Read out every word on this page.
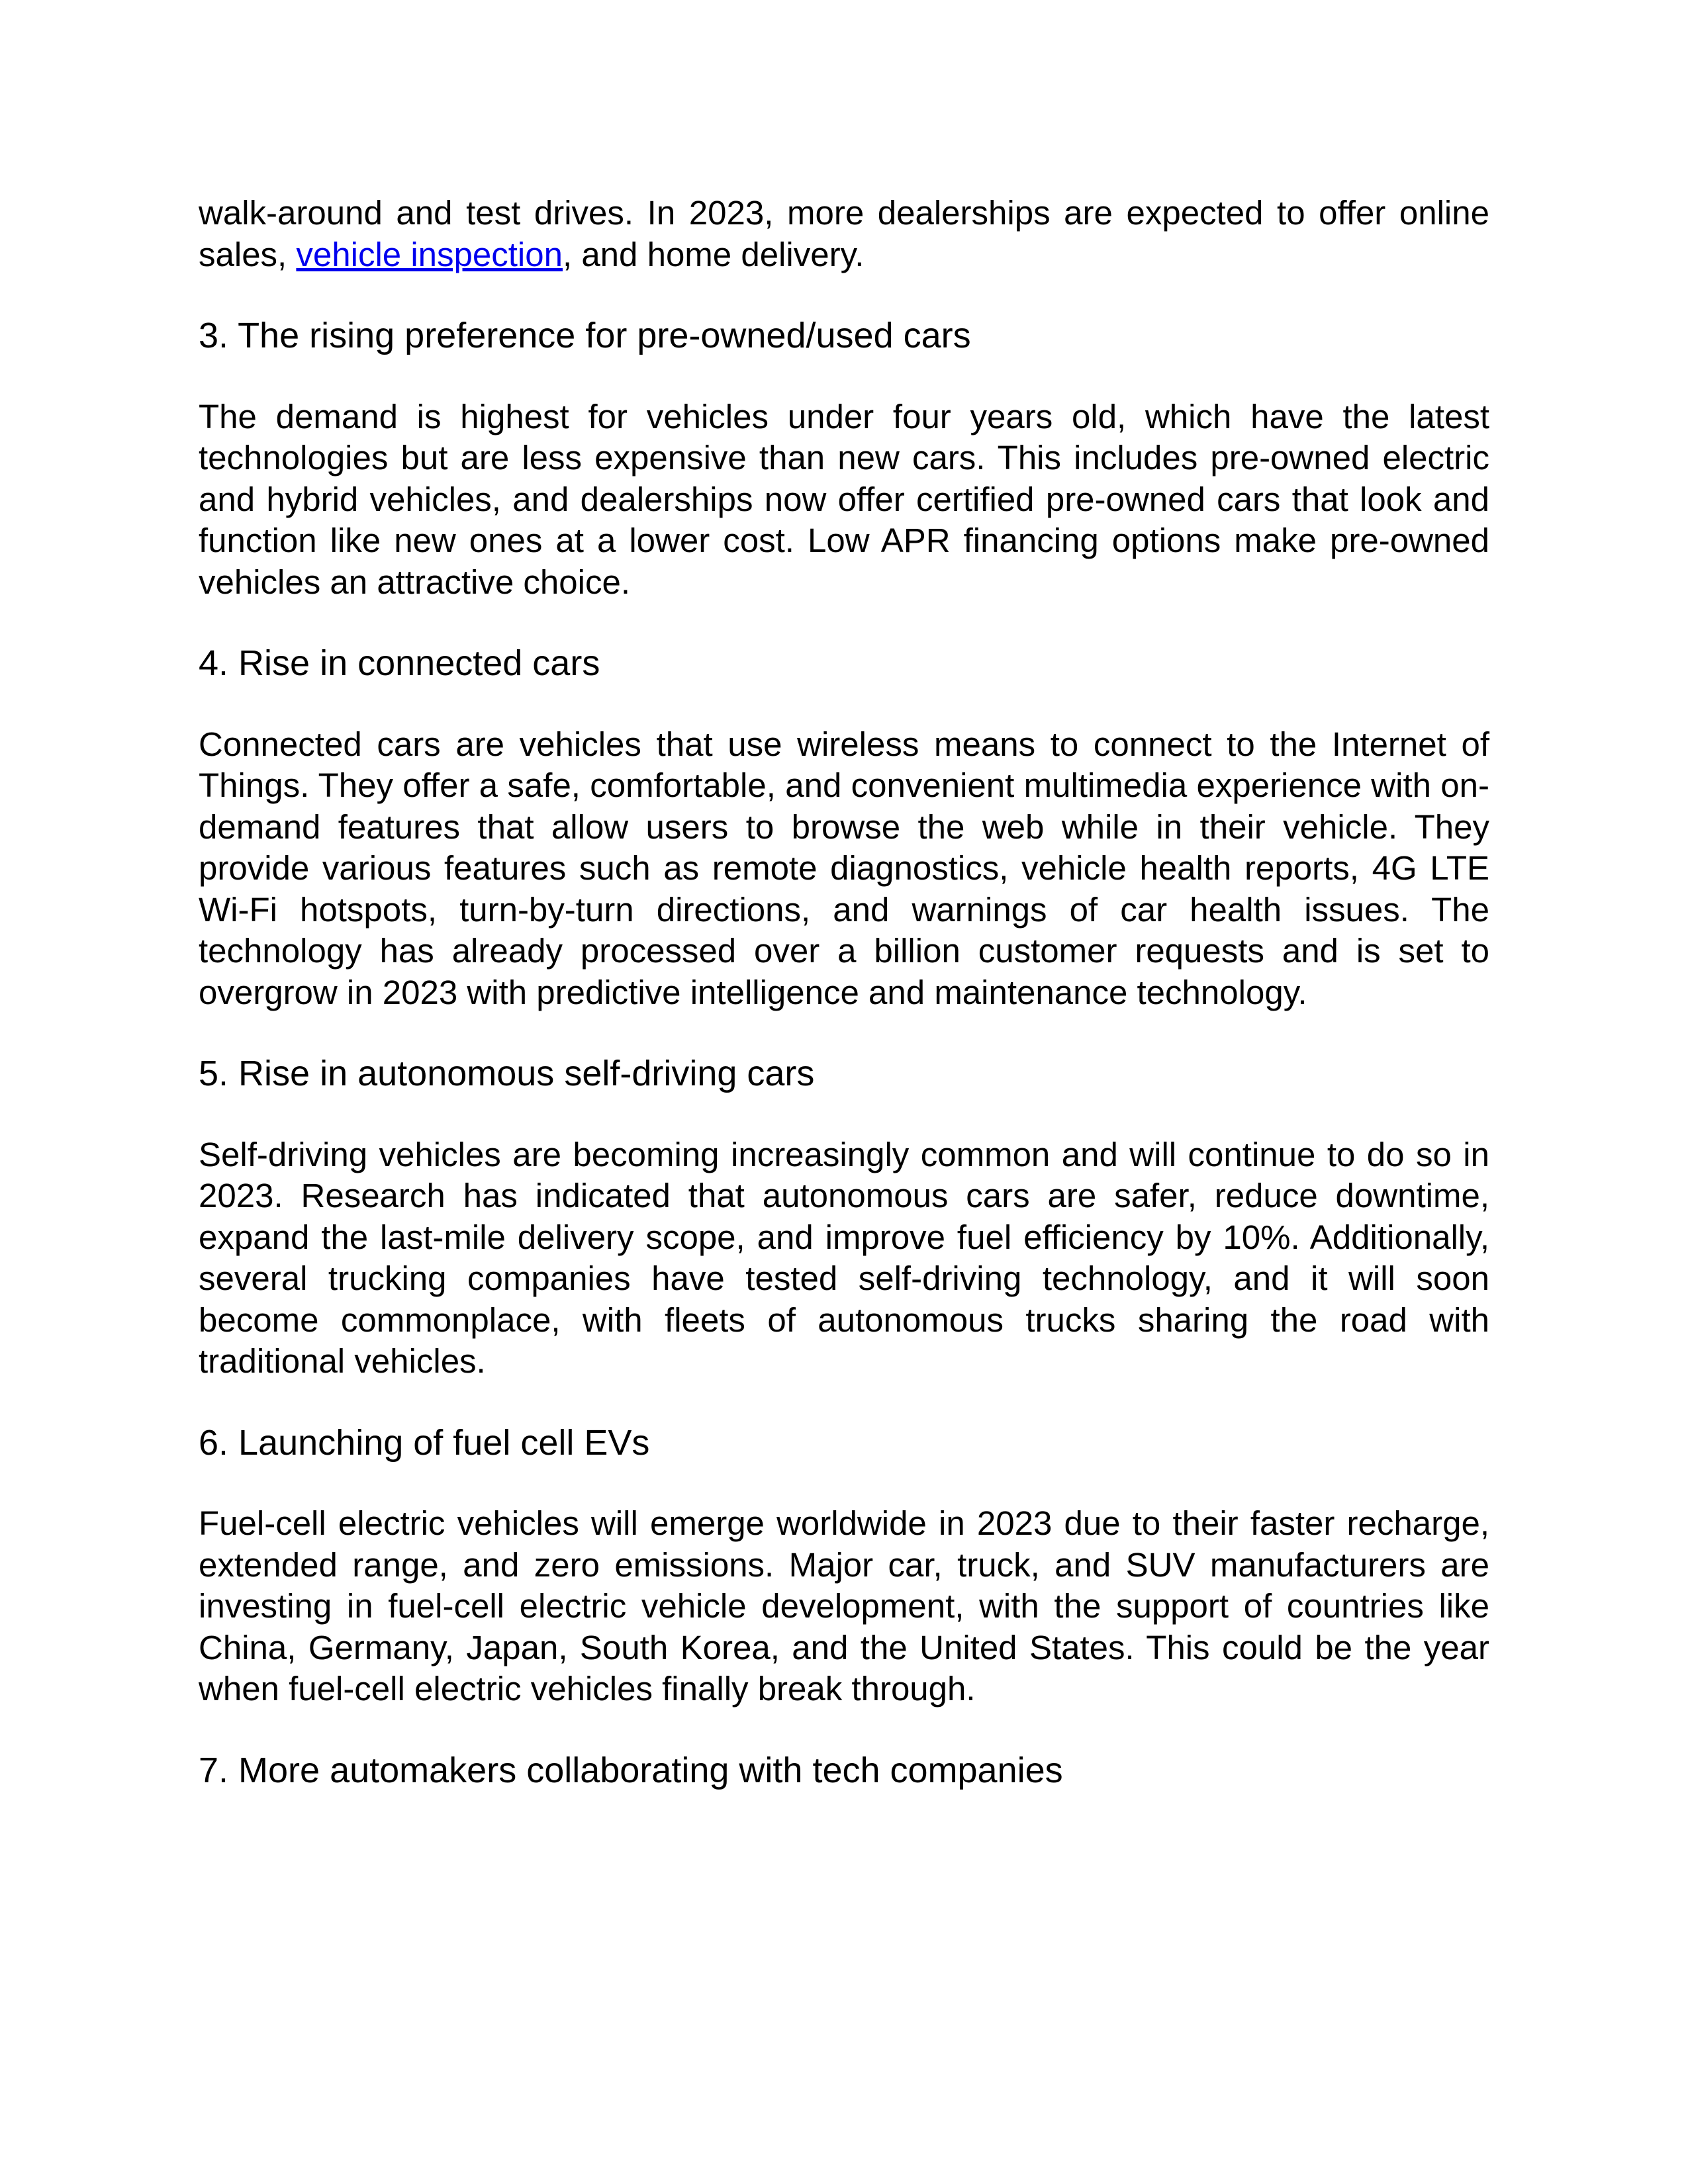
walk-around and test drives. In 2023, more dealerships are expected to offer online sales, vehicle inspection, and home delivery.

3. The rising preference for pre-owned/used cars

The demand is highest for vehicles under four years old, which have the latest technologies but are less expensive than new cars. This includes pre-owned electric and hybrid vehicles, and dealerships now offer certified pre-owned cars that look and function like new ones at a lower cost. Low APR financing options make pre-owned vehicles an attractive choice.

4. Rise in connected cars

Connected cars are vehicles that use wireless means to connect to the Internet of Things. They offer a safe, comfortable, and convenient multimedia experience with on-demand features that allow users to browse the web while in their vehicle. They provide various features such as remote diagnostics, vehicle health reports, 4G LTE Wi-Fi hotspots, turn-by-turn directions, and warnings of car health issues. The technology has already processed over a billion customer requests and is set to overgrow in 2023 with predictive intelligence and maintenance technology.

5. Rise in autonomous self-driving cars

Self-driving vehicles are becoming increasingly common and will continue to do so in 2023. Research has indicated that autonomous cars are safer, reduce downtime, expand the last-mile delivery scope, and improve fuel efficiency by 10%. Additionally, several trucking companies have tested self-driving technology, and it will soon become commonplace, with fleets of autonomous trucks sharing the road with traditional vehicles.

6. Launching of fuel cell EVs

Fuel-cell electric vehicles will emerge worldwide in 2023 due to their faster recharge, extended range, and zero emissions. Major car, truck, and SUV manufacturers are investing in fuel-cell electric vehicle development, with the support of countries like China, Germany, Japan, South Korea, and the United States. This could be the year when fuel-cell electric vehicles finally break through.

7. More automakers collaborating with tech companies
